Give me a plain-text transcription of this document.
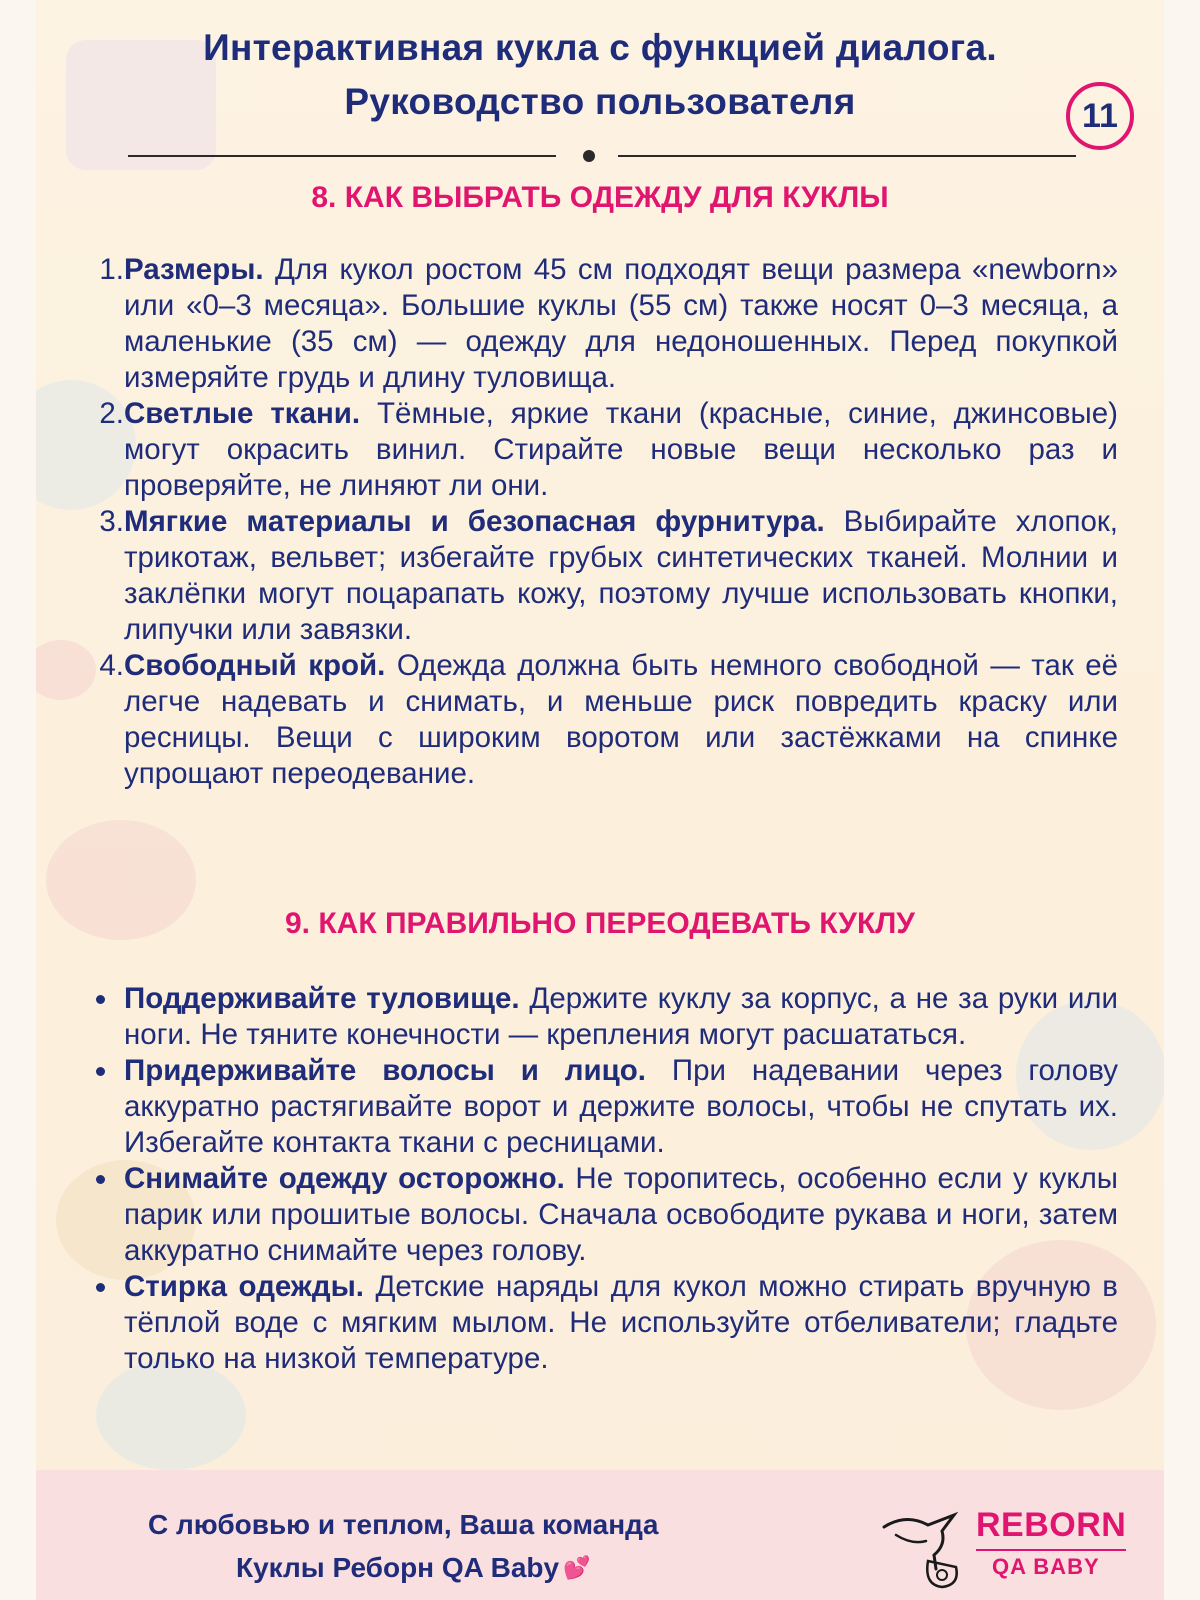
Интерактивная кукла с функцией диалога.
Руководство пользователя	11
8. КАК ВЫБРАТЬ ОДЕЖДУ ДЛЯ КУКЛЫ
1. Размеры. Для кукол ростом 45 см подходят вещи размера «newborn» или «0–3 месяца». Большие куклы (55 см) также носят 0–3 месяца, а маленькие (35 см) — одежду для недоношенных. Перед покупкой измеряйте грудь и длину туловища.

2. Светлые ткани. Тёмные, яркие ткани (красные, синие, джинсовые) могут окрасить винил. Стирайте новые вещи несколько раз и проверяйте, не линяют ли они.

3. Мягкие материалы и безопасная фурнитура. Выбирайте хлопок, трикотаж, вельвет; избегайте грубых синтетических тканей. Молнии и заклёпки могут поцарапать кожу, поэтому лучше использовать кнопки, липучки или завязки.

4. Свободный крой. Одежда должна быть немного свободной — так её легче надевать и снимать, и меньше риск повредить краску или ресницы. Вещи с широким воротом или застёжками на спинке упрощают переодевание.

9. КАК ПРАВИЛЬНО ПЕРЕОДЕВАТЬ КУКЛУ

Поддерживайте туловище. Держите куклу за корпус, а не за руки или ноги. Не тяните конечности — крепления могут расшататься.

Придерживайте волосы и лицо. При надевании через голову аккуратно растягивайте ворот и держите волосы, чтобы не спутать их. Избегайте контакта ткани с ресницами.

Снимайте одежду осторожно. Не торопитесь, особенно если у куклы парик или прошитые волосы. Сначала освободите рукава и ноги, затем аккуратно снимайте через голову.

Стирка одежды. Детские наряды для кукол можно стирать вручную в тёплой воде с мягким мылом. Не используйте отбеливатели; гладьте только на низкой температуре.

С любовью и теплом, Ваша команда
Куклы Реборн QA Baby 💕
REBORN
QA BABY
